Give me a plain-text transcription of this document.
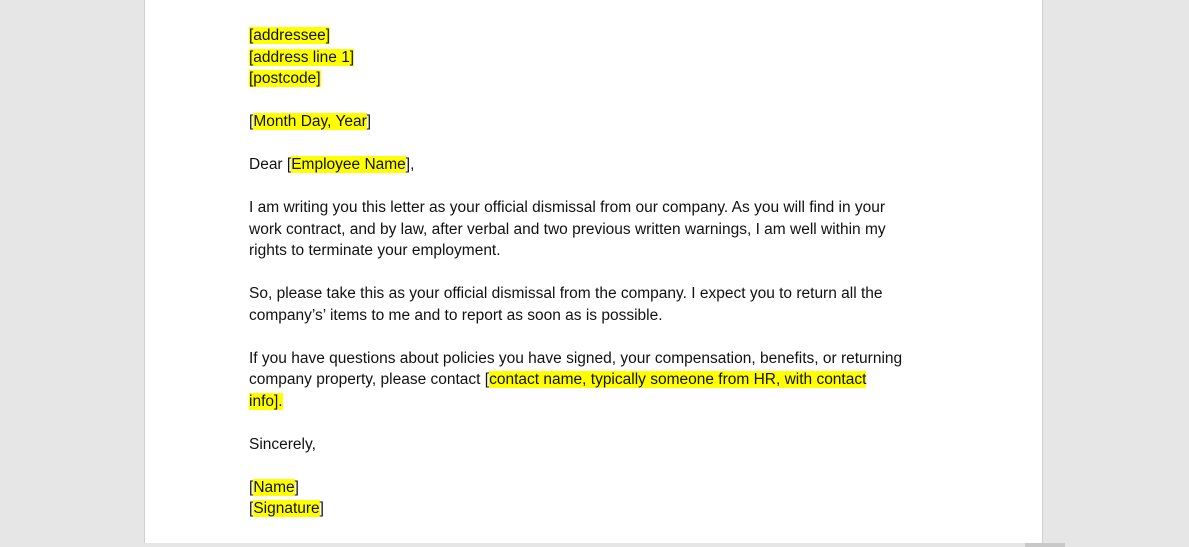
[addressee]
[address line 1]
[postcode]
[Month Day, Year]
Dear [Employee Name],
I am writing you this letter as your official dismissal from our company. As you will find in your
work contract, and by law, after verbal and two previous written warnings, I am well within my
rights to terminate your employment.
So, please take this as your official dismissal from the company. I expect you to return all the
company’s’ items to me and to report as soon as is possible.
If you have questions about policies you have signed, your compensation, benefits, or returning
company property, please contact [contact name, typically someone from HR, with contact
info].
Sincerely,
[Name]
[Signature]
